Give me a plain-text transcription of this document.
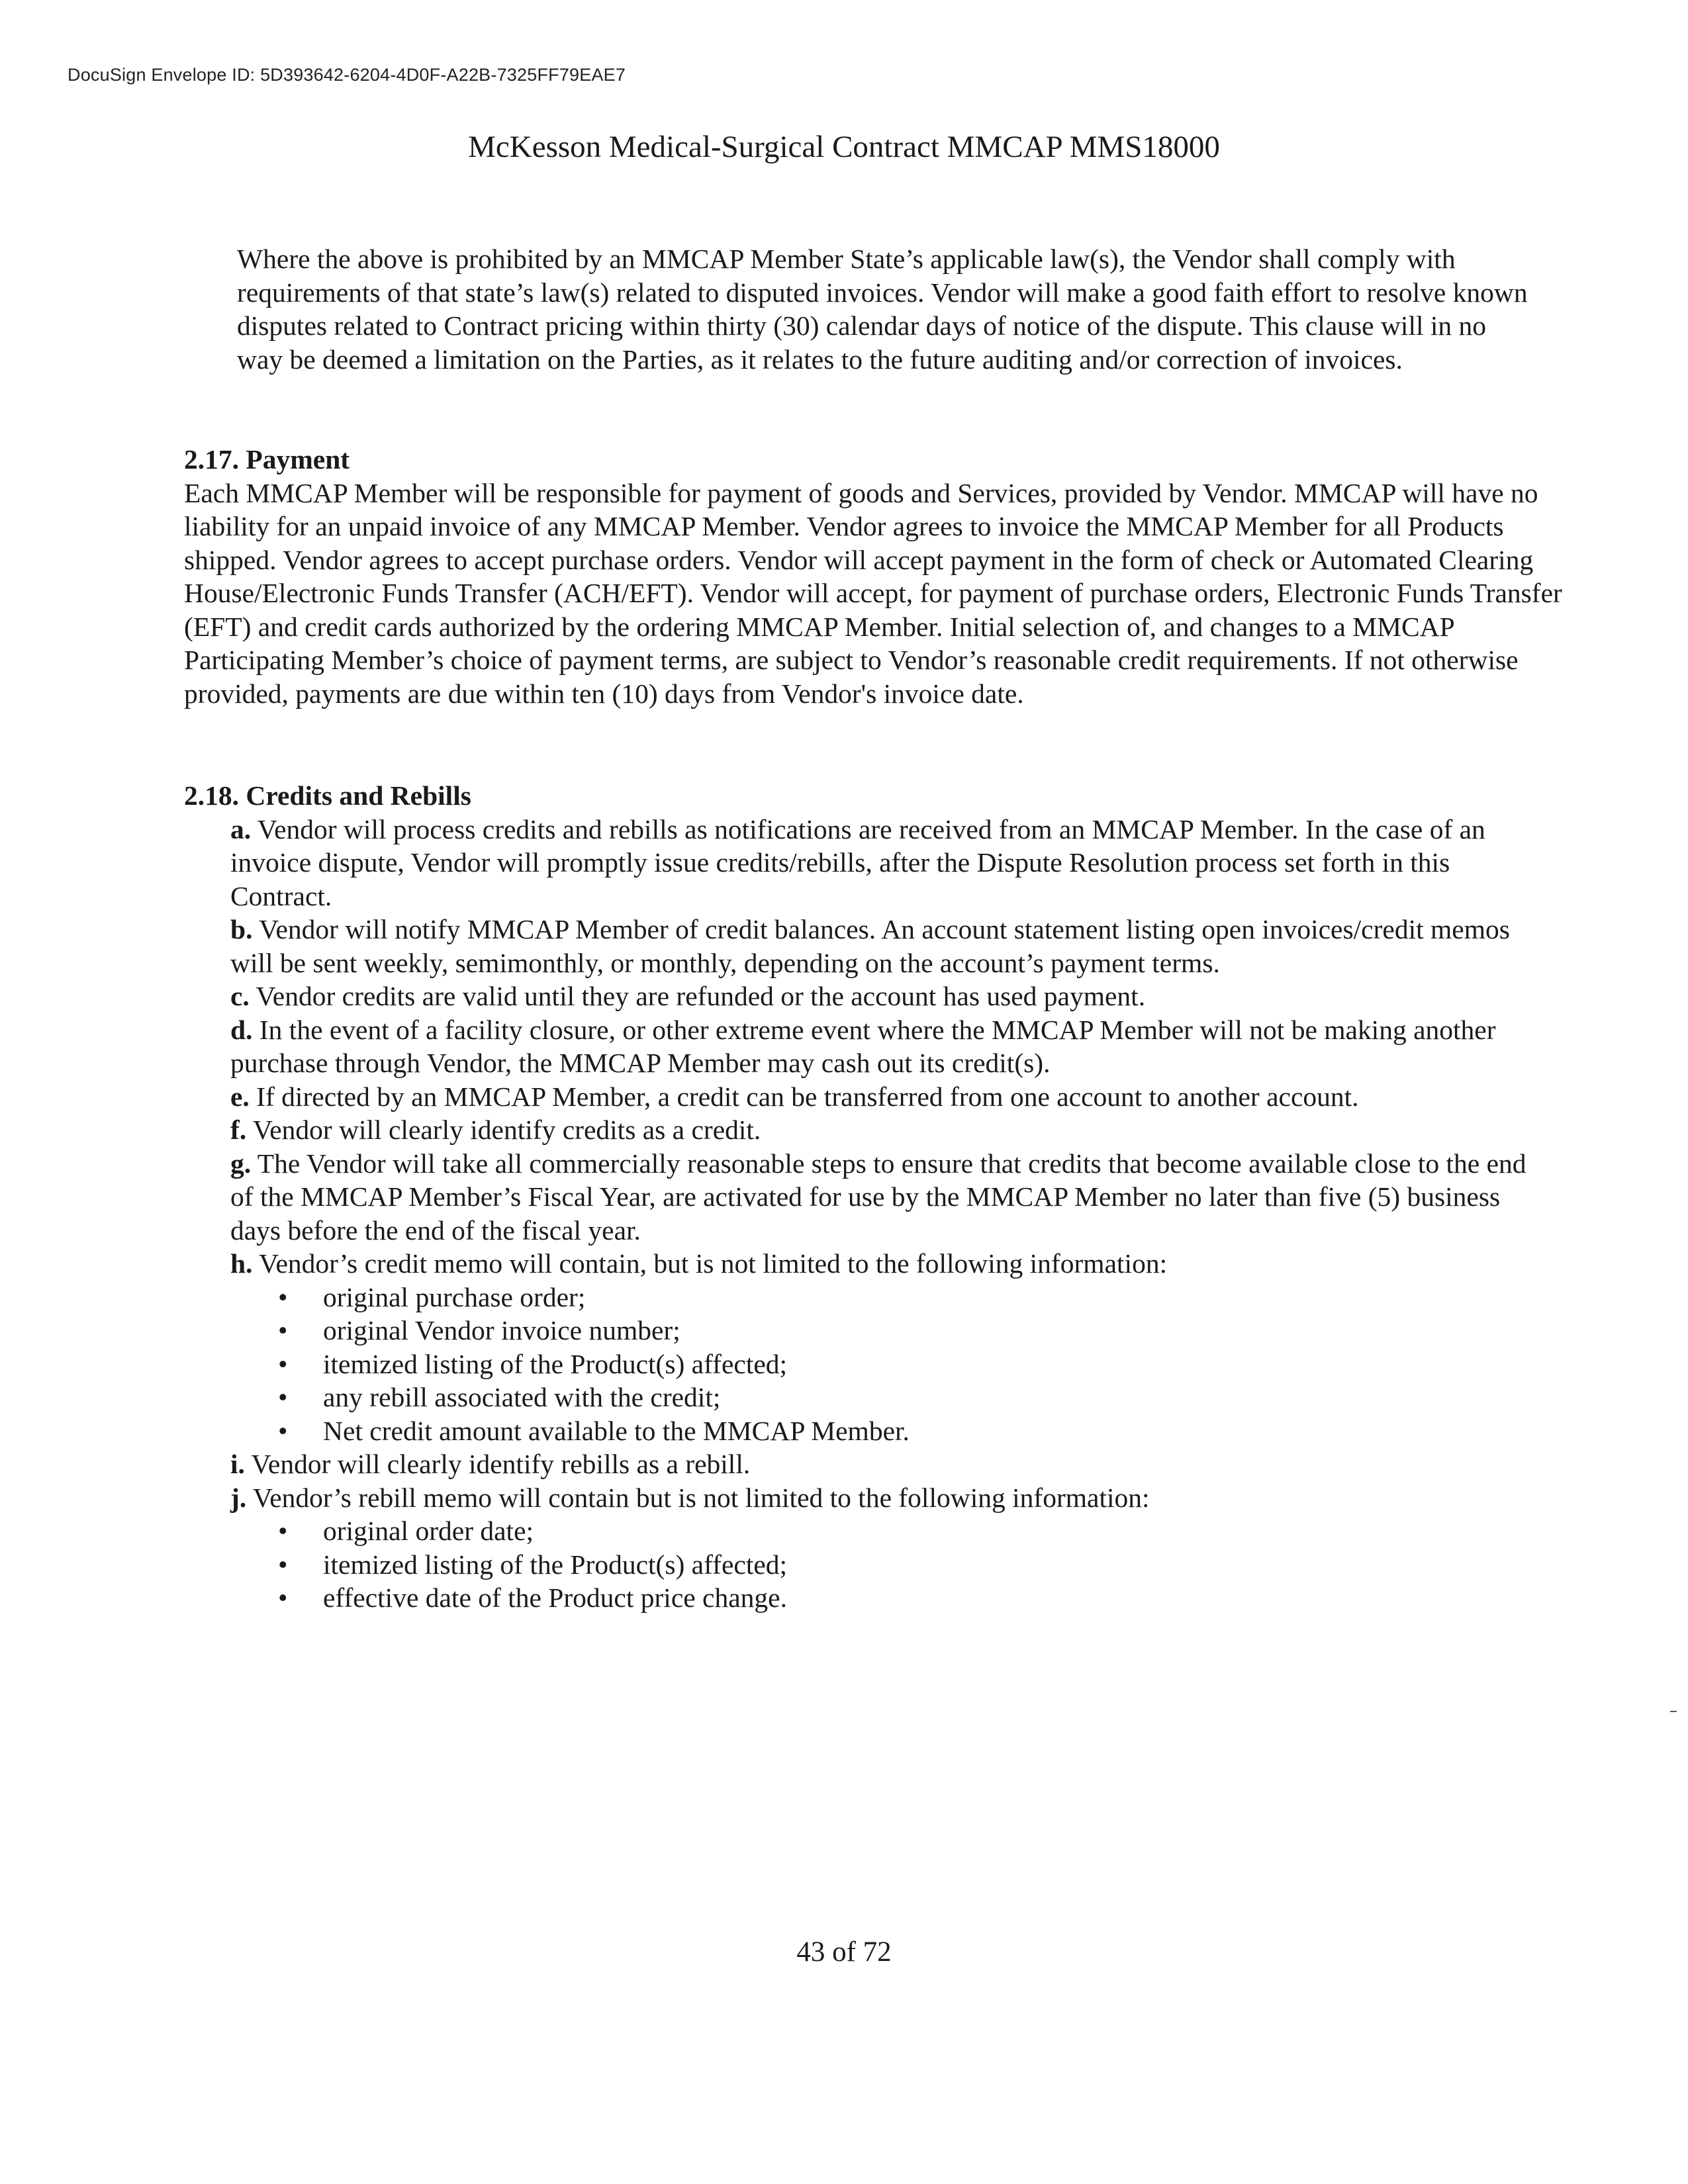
DocuSign Envelope ID: 5D393642-6204-4D0F-A22B-7325FF79EAE7
McKesson Medical-Surgical Contract MMCAP MMS18000
Where the above is prohibited by an MMCAP Member State’s applicable law(s), the Vendor shall comply with requirements of that state’s law(s) related to disputed invoices. Vendor will make a good faith effort to resolve known disputes related to Contract pricing within thirty (30) calendar days of notice of the dispute. This clause will in no way be deemed a limitation on the Parties, as it relates to the future auditing and/or correction of invoices.
2.17. Payment
Each MMCAP Member will be responsible for payment of goods and Services, provided by Vendor. MMCAP will have no liability for an unpaid invoice of any MMCAP Member. Vendor agrees to invoice the MMCAP Member for all Products shipped. Vendor agrees to accept purchase orders. Vendor will accept payment in the form of check or Automated Clearing House/Electronic Funds Transfer (ACH/EFT). Vendor will accept, for payment of purchase orders, Electronic Funds Transfer (EFT) and credit cards authorized by the ordering MMCAP Member. Initial selection of, and changes to a MMCAP Participating Member’s choice of payment terms, are subject to Vendor’s reasonable credit requirements. If not otherwise provided, payments are due within ten (10) days from Vendor's invoice date.
2.18. Credits and Rebills
a. Vendor will process credits and rebills as notifications are received from an MMCAP Member. In the case of an invoice dispute, Vendor will promptly issue credits/rebills, after the Dispute Resolution process set forth in this Contract.
b. Vendor will notify MMCAP Member of credit balances. An account statement listing open invoices/credit memos will be sent weekly, semimonthly, or monthly, depending on the account’s payment terms.
c. Vendor credits are valid until they are refunded or the account has used payment.
d. In the event of a facility closure, or other extreme event where the MMCAP Member will not be making another purchase through Vendor, the MMCAP Member may cash out its credit(s).
e. If directed by an MMCAP Member, a credit can be transferred from one account to another account.
f. Vendor will clearly identify credits as a credit.
g. The Vendor will take all commercially reasonable steps to ensure that credits that become available close to the end of the MMCAP Member’s Fiscal Year, are activated for use by the MMCAP Member no later than five (5) business days before the end of the fiscal year.
h. Vendor’s credit memo will contain, but is not limited to the following information:
• original purchase order;
• original Vendor invoice number;
• itemized listing of the Product(s) affected;
• any rebill associated with the credit;
• Net credit amount available to the MMCAP Member.
i. Vendor will clearly identify rebills as a rebill.
j. Vendor’s rebill memo will contain but is not limited to the following information:
• original order date;
• itemized listing of the Product(s) affected;
• effective date of the Product price change.
43 of 72
